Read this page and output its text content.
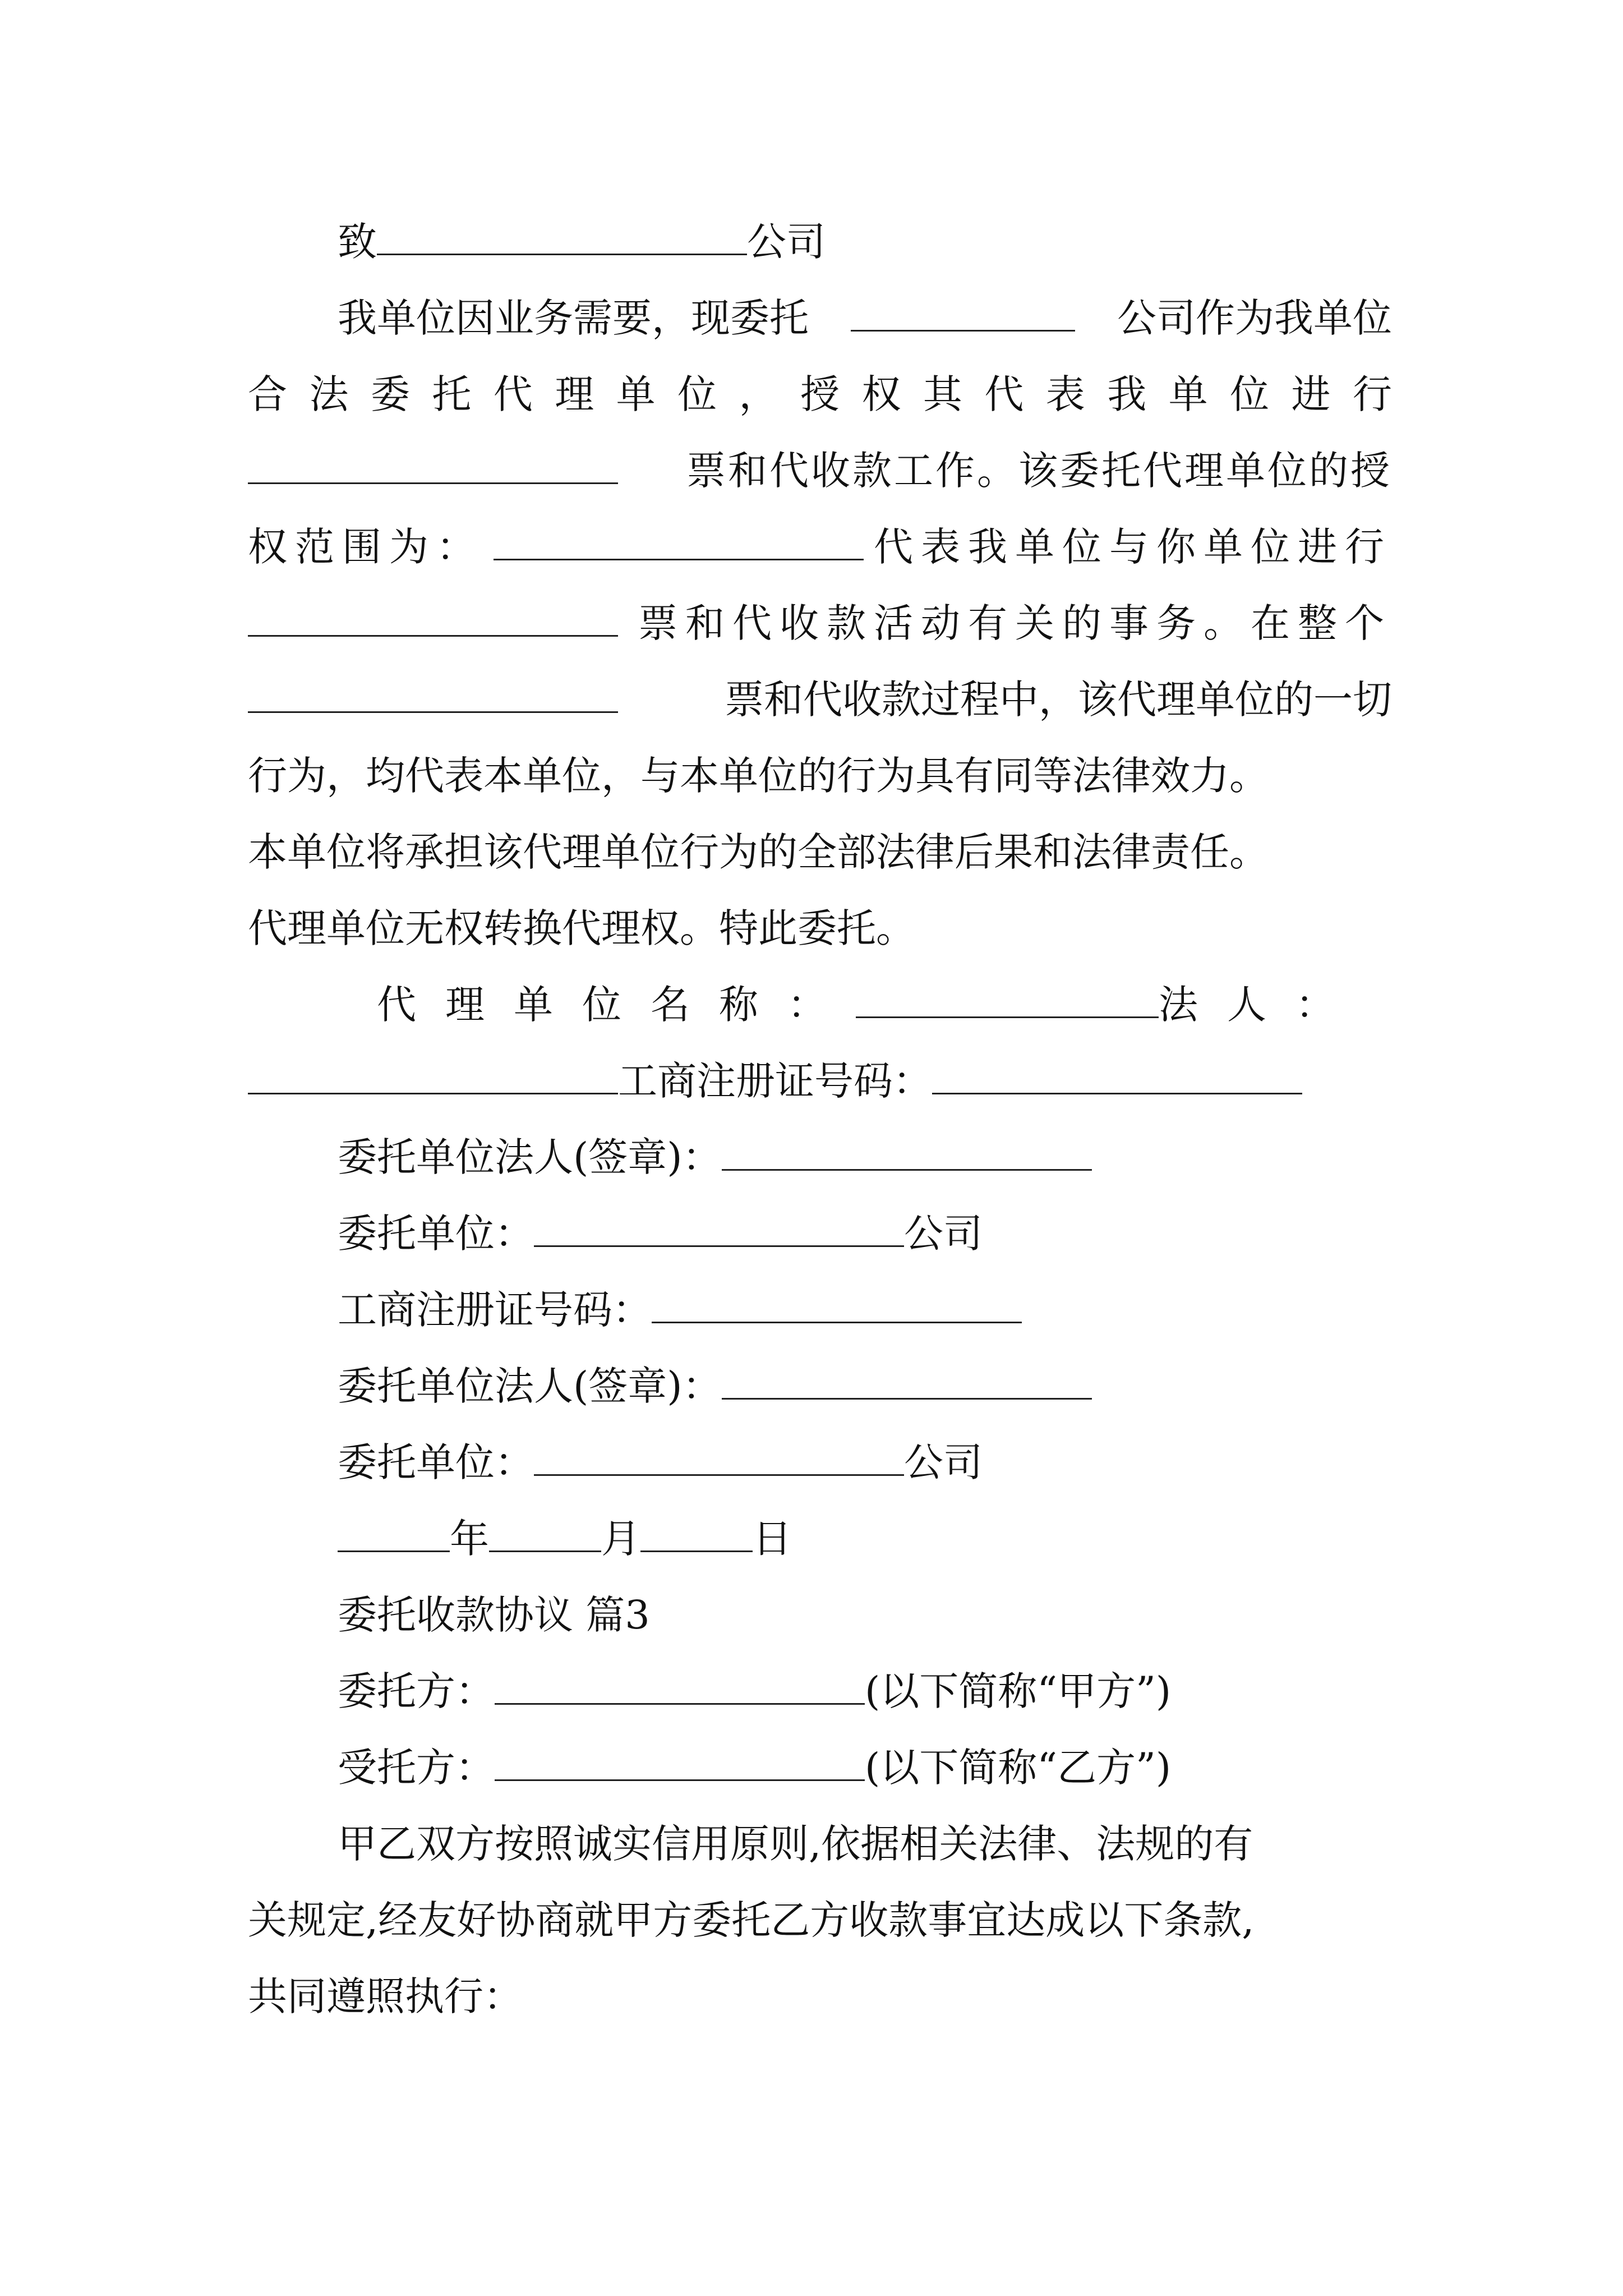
致	公司
我单位因业务需要，现委托	公司作为我单位
合法委托代理单位，授权其代表我单位进行
票和代收款工作。该委托代理单位的授
权范围为：	代表我单位与你单位进行
票和代收款活动有关的事务。在整个
票和代收款过程中，该代理单位的一切
行为，均代表本单位，与本单位的行为具有同等法律效力。
本单位将承担该代理单位行为的全部法律后果和法律责任。
代理单位无权转换代理权。特此委托。
代理单位名称：	法人：
工商注册证号码：
委托单位法人(签章)：
委托单位：	公司
工商注册证号码：
委托单位法人(签章)：
委托单位：	公司
年	月	日
委托收款协议 篇3
委托方：	(以下简称“甲方”)
受托方：	(以下简称“乙方”)
甲乙双方按照诚实信用原则,依据相关法律、法规的有
关规定,经友好协商就甲方委托乙方收款事宜达成以下条款,
共同遵照执行：
